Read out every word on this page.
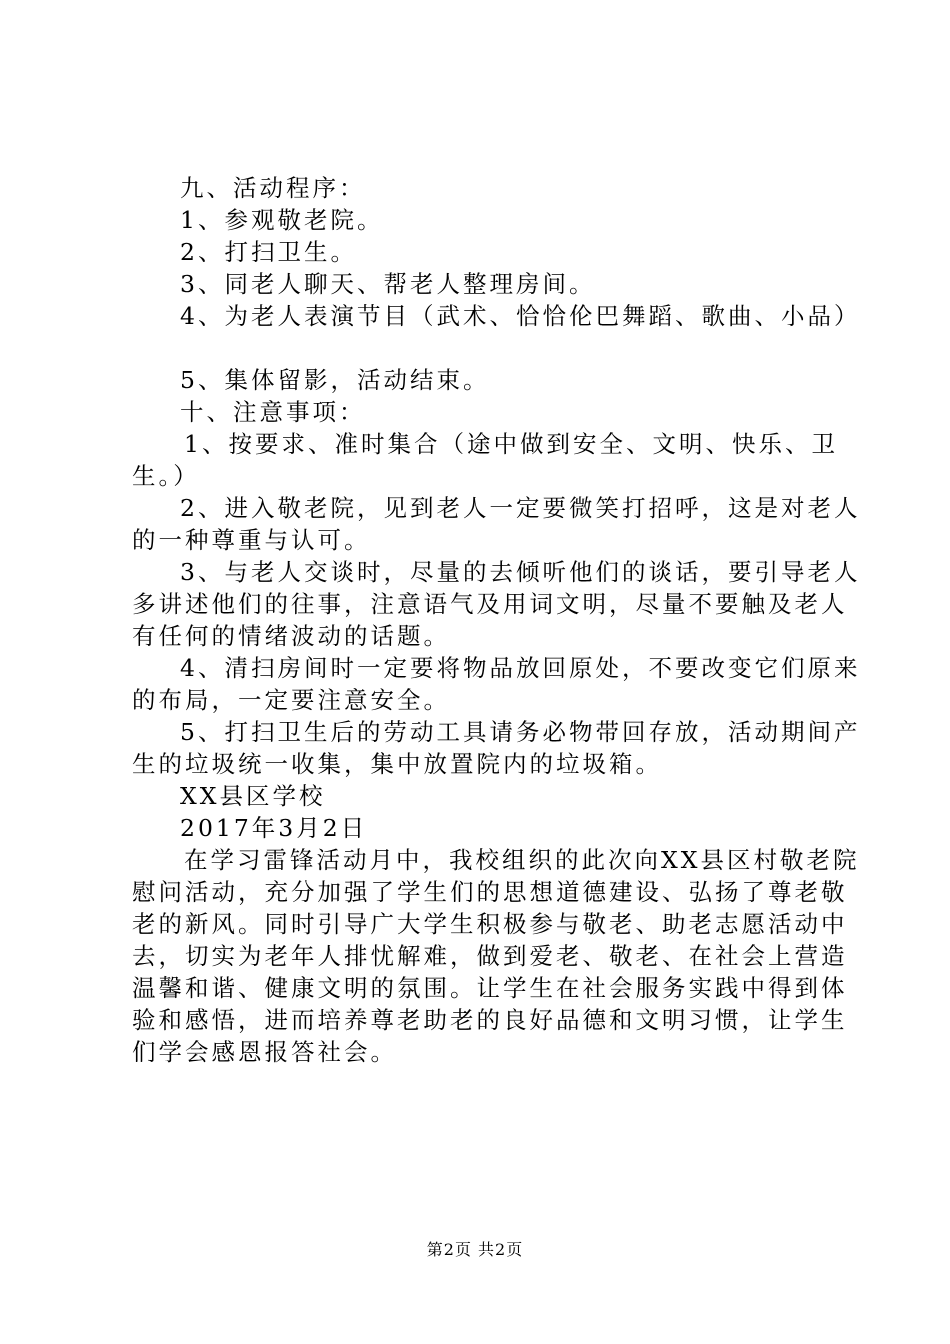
九、活动程序：
1、参观敬老院。
2、打扫卫生。
3、同老人聊天、帮老人整理房间。
4、为老人表演节目（武术、恰恰伦巴舞蹈、歌曲、小品）
5、集体留影，活动结束。
十、注意事项：
1、按要求、准时集合（途中做到安全、文明、快乐、卫
生。）
2、进入敬老院，见到老人一定要微笑打招呼，这是对老人
的一种尊重与认可。
3、与老人交谈时，尽量的去倾听他们的谈话，要引导老人
多讲述他们的往事，注意语气及用词文明，尽量不要触及老人
有任何的情绪波动的话题。
4、清扫房间时一定要将物品放回原处，不要改变它们原来
的布局，一定要注意安全。
5、打扫卫生后的劳动工具请务必物带回存放，活动期间产
生的垃圾统一收集，集中放置院内的垃圾箱。
XX县区学校
2017年3月2日
在学习雷锋活动月中，我校组织的此次向XX县区村敬老院
慰问活动，充分加强了学生们的思想道德建设、弘扬了尊老敬
老的新风。同时引导广大学生积极参与敬老、助老志愿活动中
去，切实为老年人排忧解难，做到爱老、敬老、在社会上营造
温馨和谐、健康文明的氛围。让学生在社会服务实践中得到体
验和感悟，进而培养尊老助老的良好品德和文明习惯，让学生
们学会感恩报答社会。
第2页 共2页
